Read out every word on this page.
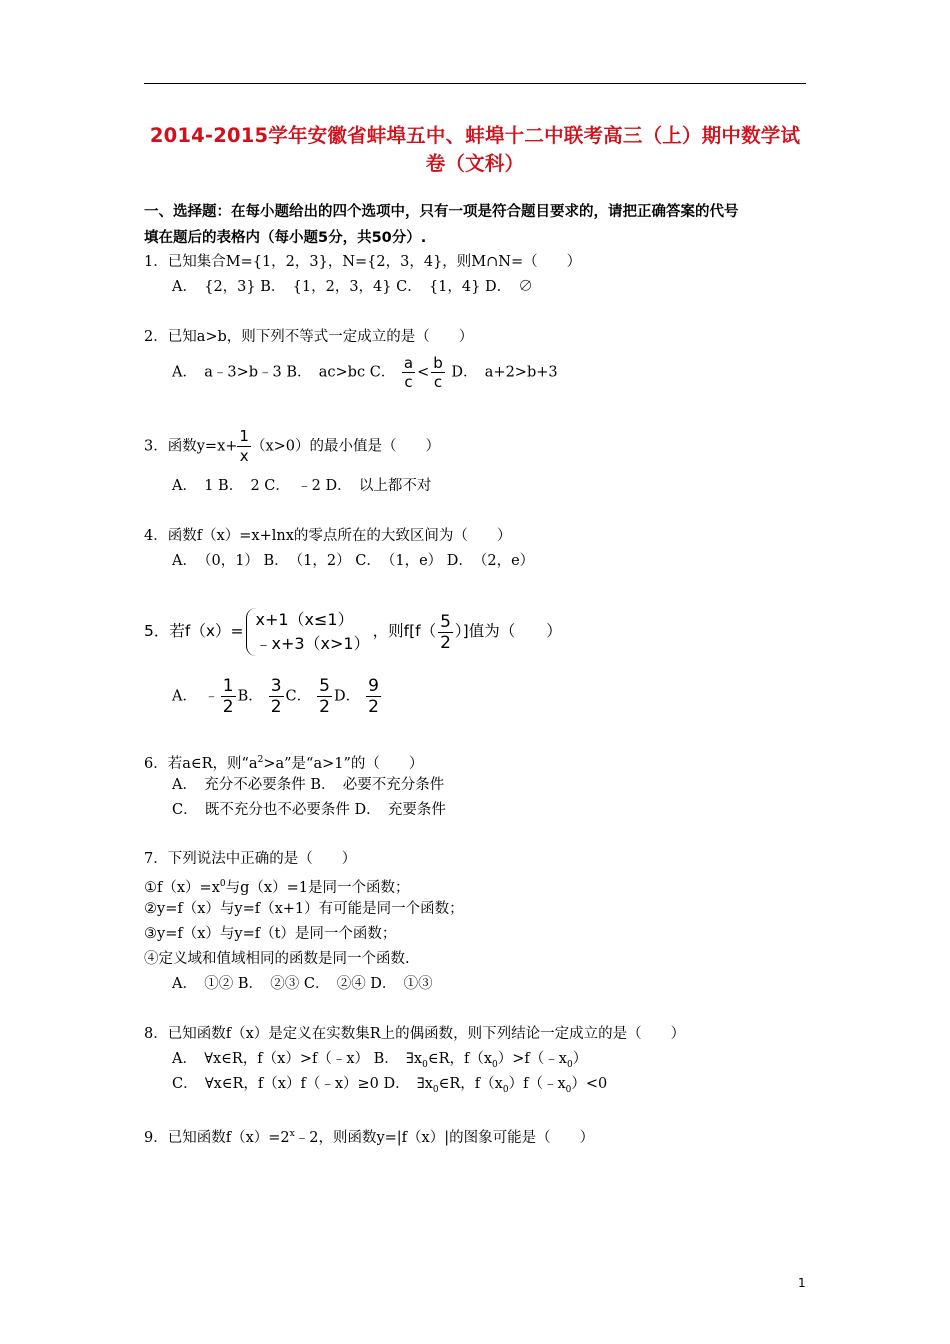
2014-2015学年安徽省蚌埠五中、蚌埠十二中联考高三（上）期中数学试卷（文科）
一、选择题：在每小题给出的四个选项中，只有一项是符合题目要求的，请把正确答案的代号
填在题后的表格内（每小题5分，共50分）.
1．已知集合M={1，2，3}，N={2，3，4}，则M∩N=（　　）
A．　{2，3} B．　{1，2，3，4} C．　{1，4} D．　∅
2．已知a>b，则下列不等式一定成立的是（　　）
A．　a﹣3>b﹣3 B．　ac>bc C． $\frac{a}{c} < \frac{b}{c}$ D．　a+2>b+3
3．函数$y=x+ \frac{1}{x} (x>0)$的最小值是（　　）
A．　1 B．　2 C．　﹣2 D．　以上都不对
4．函数f（x）=x+lnx的零点所在的大致区间为（　　）
A．　（0，1） B．　（1，2） C．　（1，e） D．　（2，e）
5．若f（x）=
x+1（x≤1）
﹣x+3（x>1）
，则$f[f( \frac{5}{2}$ ）]值为（　　）
A．　﹣ $\frac{1}{2}$ B． $\frac{3}{2}$ C． $\frac{5}{2}$ D． $\frac{9}{2}$
6．若a∈R，则“$a^2>a$”是“a>1”的（　　）
A．　充分不必要条件 B．　必要不充分条件
C．　既不充分也不必要条件 D．　充要条件
7．下列说法中正确的是（　　）
$①f(x)=x^0$与g（x）=1是同一个函数；
②y=f（x）与y=f（x+1）有可能是同一个函数；
③y=f（x）与y=f（t）是同一个函数；
④定义域和值域相同的函数是同一个函数.
A．　①② B．　②③ C．　②④ D．　①③
8．已知函数f（x）是定义在实数集R上的偶函数，则下列结论一定成立的是（　　）
A．　∀x∈R，f（x）>f（﹣x） B．　$\exists x_0\in R$，$f(x_0)>f(﹣x_0)$
C．　∀x∈R，f（x）f（﹣x）≥0 D．　$\exists x_0\in R$，$f(x_0)f(﹣x_0)<0$
9．已知函数$f(x)=2^x﹣2$，则函数y=|f（x）|的图象可能是（　　）
1
